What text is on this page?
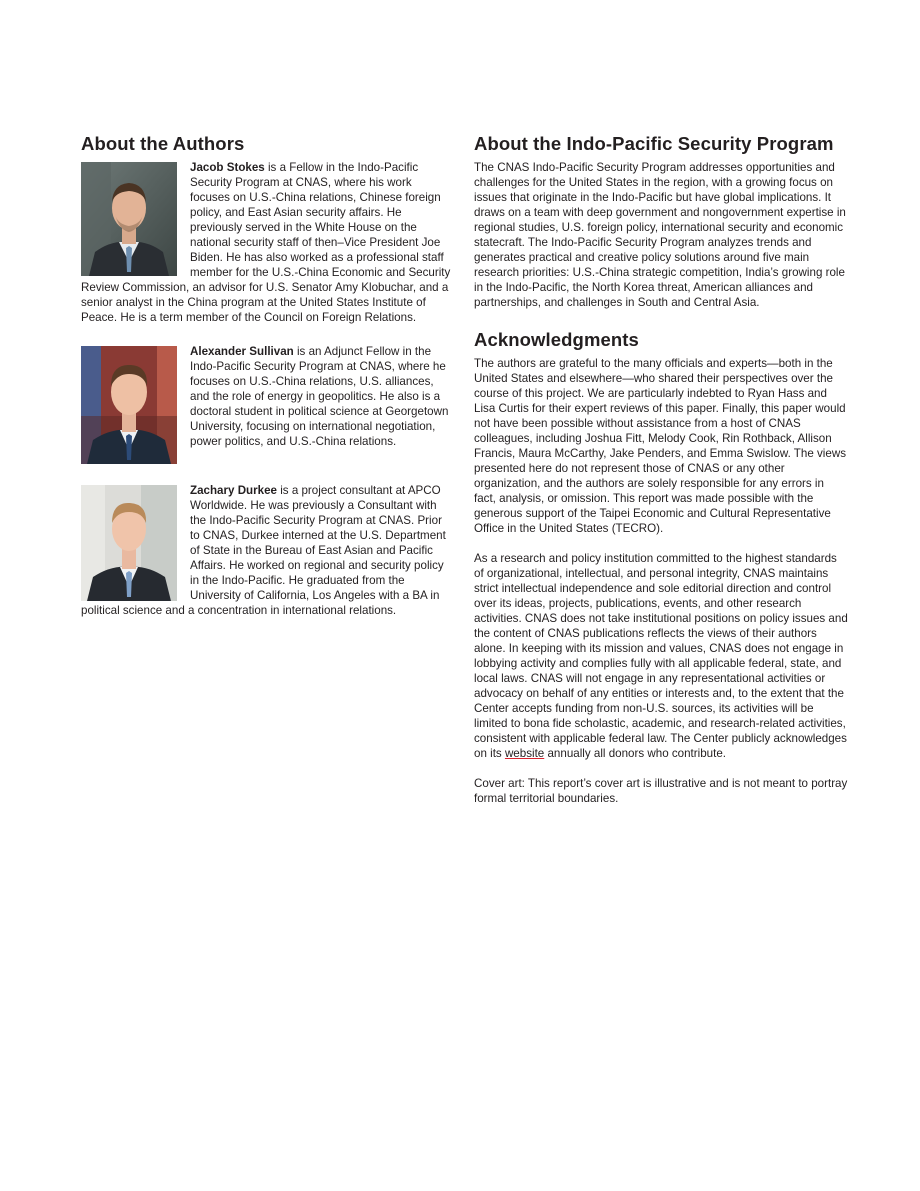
About the Authors
Jacob Stokes is a Fellow in the Indo-Pacific Security Program at CNAS, where his work focuses on U.S.-China relations, Chinese foreign policy, and East Asian security affairs. He previously served in the White House on the national security staff of then–Vice President Joe Biden. He has also worked as a professional staff member for the U.S.-China Economic and Security Review Commission, an advisor for U.S. Senator Amy Klobuchar, and a senior analyst in the China program at the United States Institute of Peace. He is a term member of the Council on Foreign Relations.
Alexander Sullivan is an Adjunct Fellow in the Indo-Pacific Security Program at CNAS, where he focuses on U.S.-China relations, U.S. alliances, and the role of energy in geopolitics. He also is a doctoral student in political science at Georgetown University, focusing on international negotiation, power politics, and U.S.-China relations.
Zachary Durkee is a project consultant at APCO Worldwide. He was previously a Consultant with the Indo-Pacific Security Program at CNAS. Prior to CNAS, Durkee interned at the U.S. Department of State in the Bureau of East Asian and Pacific Affairs. He worked on regional and security policy in the Indo-Pacific. He graduated from the University of California, Los Angeles with a BA in political science and a concentration in international relations.
About the Indo-Pacific Security Program

The CNAS Indo-Pacific Security Program addresses opportunities and challenges for the United States in the region, with a growing focus on issues that originate in the Indo-Pacific but have global implications. It draws on a team with deep government and nongovernment expertise in regional studies, U.S. foreign policy, international security and economic statecraft. The Indo-Pacific Security Program analyzes trends and generates practical and creative policy solutions around five main research priorities: U.S.-China strategic competition, India’s growing role in the Indo-Pacific, the North Korea threat, American alliances and partnerships, and challenges in South and Central Asia.

Acknowledgments

The authors are grateful to the many officials and experts—both in the United States and elsewhere—who shared their perspectives over the course of this project. We are particularly indebted to Ryan Hass and Lisa Curtis for their expert reviews of this paper. Finally, this paper would not have been possible without assistance from a host of CNAS colleagues, including Joshua Fitt, Melody Cook, Rin Rothback, Allison Francis, Maura McCarthy, Jake Penders, and Emma Swislow. The views presented here do not represent those of CNAS or any other organization, and the authors are solely responsible for any errors in fact, analysis, or omission. This report was made possible with the generous support of the Taipei Economic and Cultural Representative Office in the United States (TECRO).

As a research and policy institution committed to the highest standards of organizational, intellectual, and personal integrity, CNAS maintains strict intellectual independence and sole editorial direction and control over its ideas, projects, publications, events, and other research activities. CNAS does not take institutional positions on policy issues and the content of CNAS publications reflects the views of their authors alone. In keeping with its mission and values, CNAS does not engage in lobbying activity and complies fully with all applicable federal, state, and local laws. CNAS will not engage in any representational activities or advocacy on behalf of any entities or interests and, to the extent that the Center accepts funding from non-U.S. sources, its activities will be limited to bona fide scholastic, academic, and research-related activities, consistent with applicable federal law. The Center publicly acknowledges on its website annually all donors who contribute.

Cover art: This report’s cover art is illustrative and is not meant to portray formal territorial boundaries.
